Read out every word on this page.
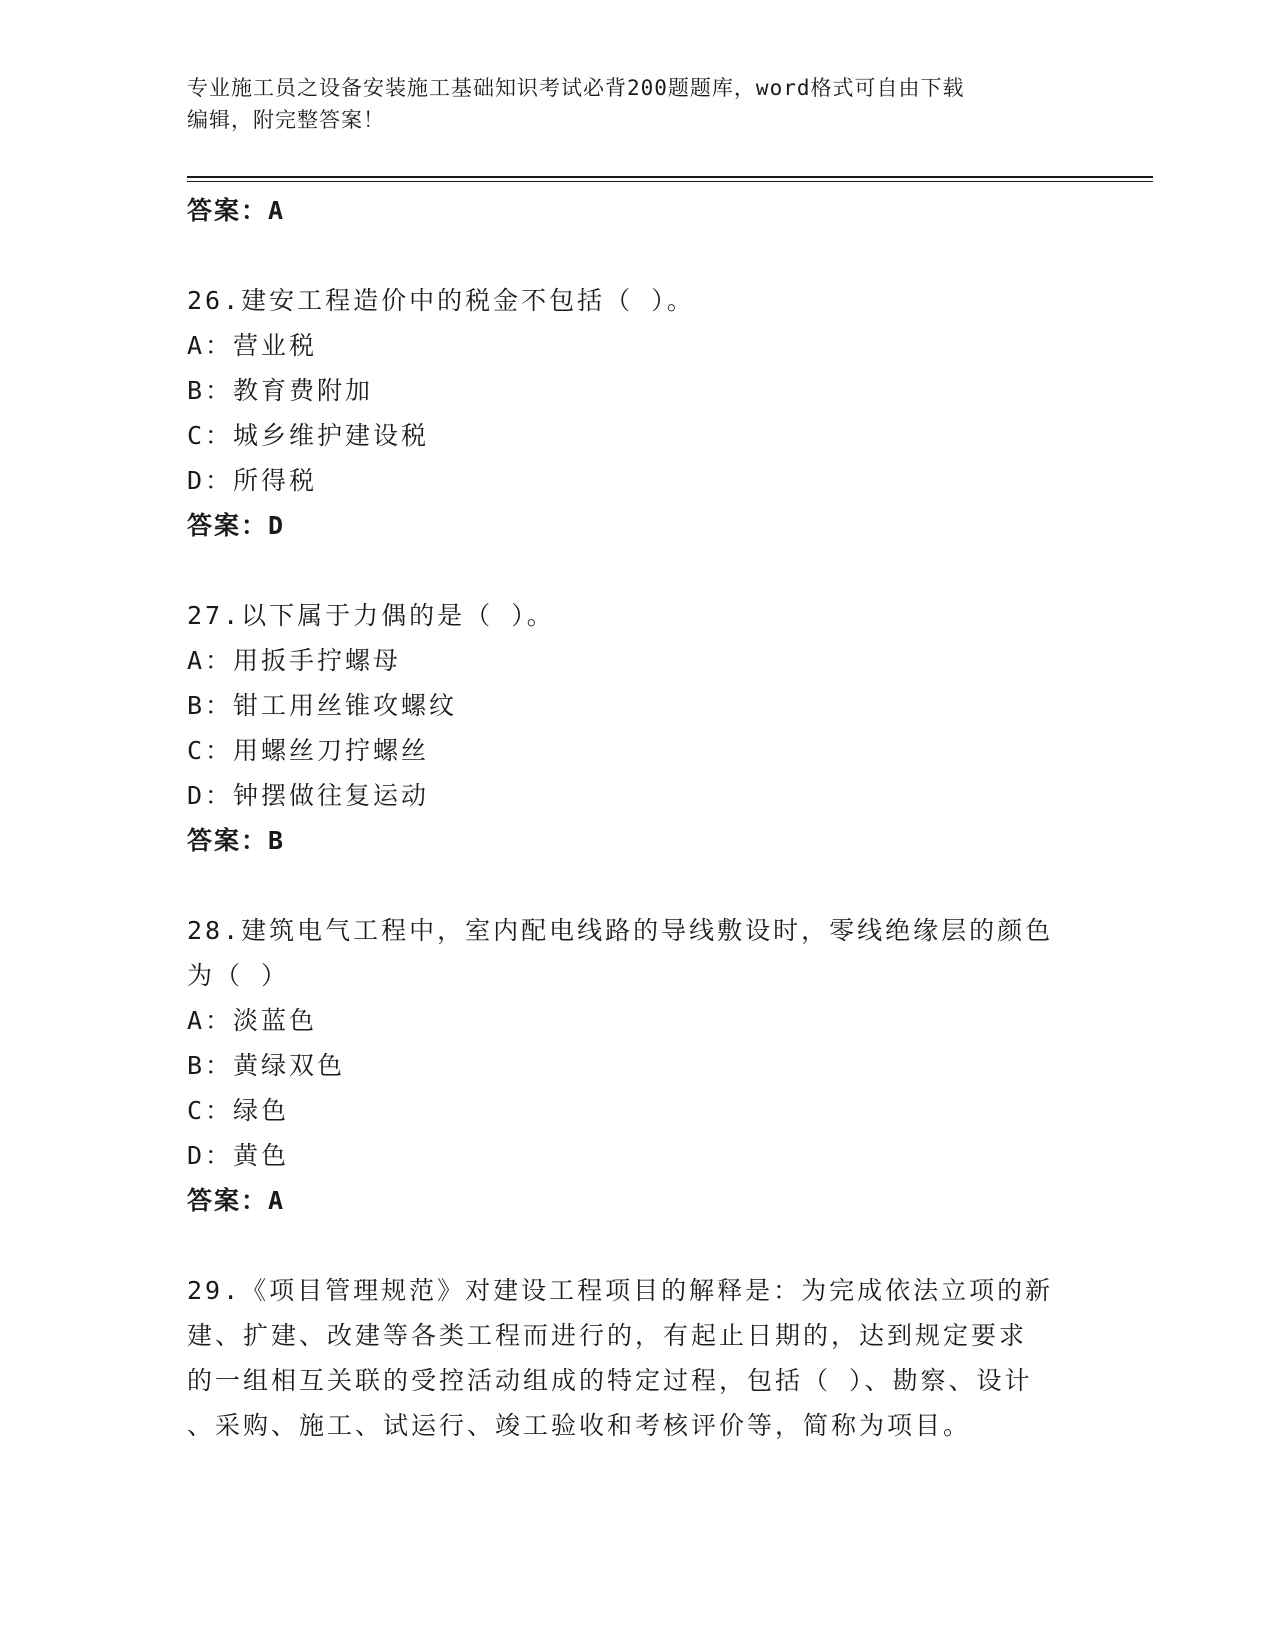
专业施工员之设备安装施工基础知识考试必背200题题库，word格式可自由下载
编辑，附完整答案！
答案：A
26.建安工程造价中的税金不包括（ ）。
A：营业税
B：教育费附加
C：城乡维护建设税
D：所得税
答案：D
27.以下属于力偶的是（ ）。
A：用扳手拧螺母
B：钳工用丝锥攻螺纹
C：用螺丝刀拧螺丝
D：钟摆做往复运动
答案：B
28.建筑电气工程中，室内配电线路的导线敷设时，零线绝缘层的颜色
为（ ）
A：淡蓝色
B：黄绿双色
C：绿色
D：黄色
答案：A
29.《项目管理规范》对建设工程项目的解释是：为完成依法立项的新
建、扩建、改建等各类工程而进行的，有起止日期的，达到规定要求
的一组相互关联的受控活动组成的特定过程，包括（ ）、勘察、设计
、采购、施工、试运行、竣工验收和考核评价等，简称为项目。
